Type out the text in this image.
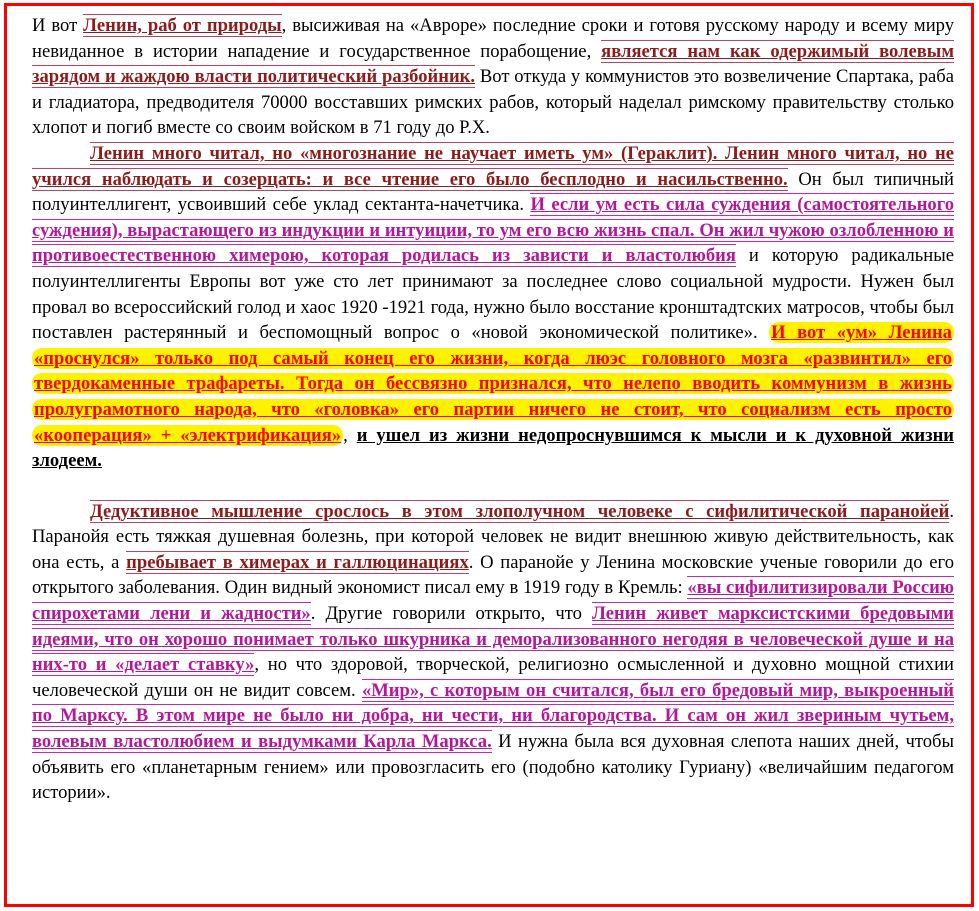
И вот Ленин, раб от природы, высиживая на «Авроре» последние сроки и готовя русскому народу и всему миру невиданное в истории нападение и государственное порабощение, является нам как одержимый волевым зарядом и жаждою власти политический разбойник. Вот откуда у коммунистов это возвеличение Спартака, раба и гладиатора, предводителя 70000 восставших римских рабов, который наделал римскому правительству столько хлопот и погиб вместе со своим войском в 71 году до Р.Х.

Ленин много читал, но «многознание не научает иметь ум» (Гераклит). Ленин много читал, но не учился наблюдать и созерцать: и все чтение его было бесплодно и насильственно. Он был типичный полуинтеллигент, усвоивший себе уклад сектанта-начетчика. И если ум есть сила суждения (самостоятельного суждения), вырастающего из индукции и интуиции, то ум его всю жизнь спал. Он жил чужою озлобленною и противоестественною химерою, которая родилась из зависти и властолюбия и которую радикальные полуинтеллигенты Европы вот уже сто лет принимают за последнее слово социальной мудрости. Нужен был провал во всероссийский голод и хаос 1920 -1921 года, нужно было восстание кронштадтских матросов, чтобы был поставлен растерянный и беспомощный вопрос о «новой экономической политике». И вот «ум» Ленина «проснулся» только под самый конец его жизни, когда люэс головного мозга «развинтил» его твердокаменные трафареты. Тогда он бессвязно признался, что нелепо вводить коммунизм в жизнь пролуграмотного народа, что «головка» его партии ничего не стоит, что социализм есть просто «кооперация» + «электрификация» , и ушел из жизни недопроснувшимся к мысли и к духовной жизни злодеем.

Дедуктивное мышление срослось в этом злополучном человеке с сифилитической паранойей. Паранойя есть тяжкая душевная болезнь, при которой человек не видит внешнюю живую действительность, как она есть, а пребывает в химерах и галлюцинациях. О паранойе у Ленина московские ученые говорили до его открытого заболевания. Один видный экономист писал ему в 1919 году в Кремль: «вы сифилитизировали Россию спирохетами лени и жадности». Другие говорили открыто, что Ленин живет марксистскими бредовыми идеями, что он хорошо понимает только шкурника и деморализованного негодяя в человеческой душе и на них-то и «делает ставку», но что здоровой, творческой, религиозно осмысленной и духовно мощной стихии человеческой души он не видит совсем. «Мир», с которым он считался, был его бредовый мир, выкроенный по Марксу. В этом мире не было ни добра, ни чести, ни благородства. И сам он жил звериным чутьем, волевым властолюбием и выдумками Карла Маркса. И нужна была вся духовная слепота наших дней, чтобы объявить его «планетарным гением» или провозгласить его (подобно католику Гуриану) «величайшим педагогом истории».
